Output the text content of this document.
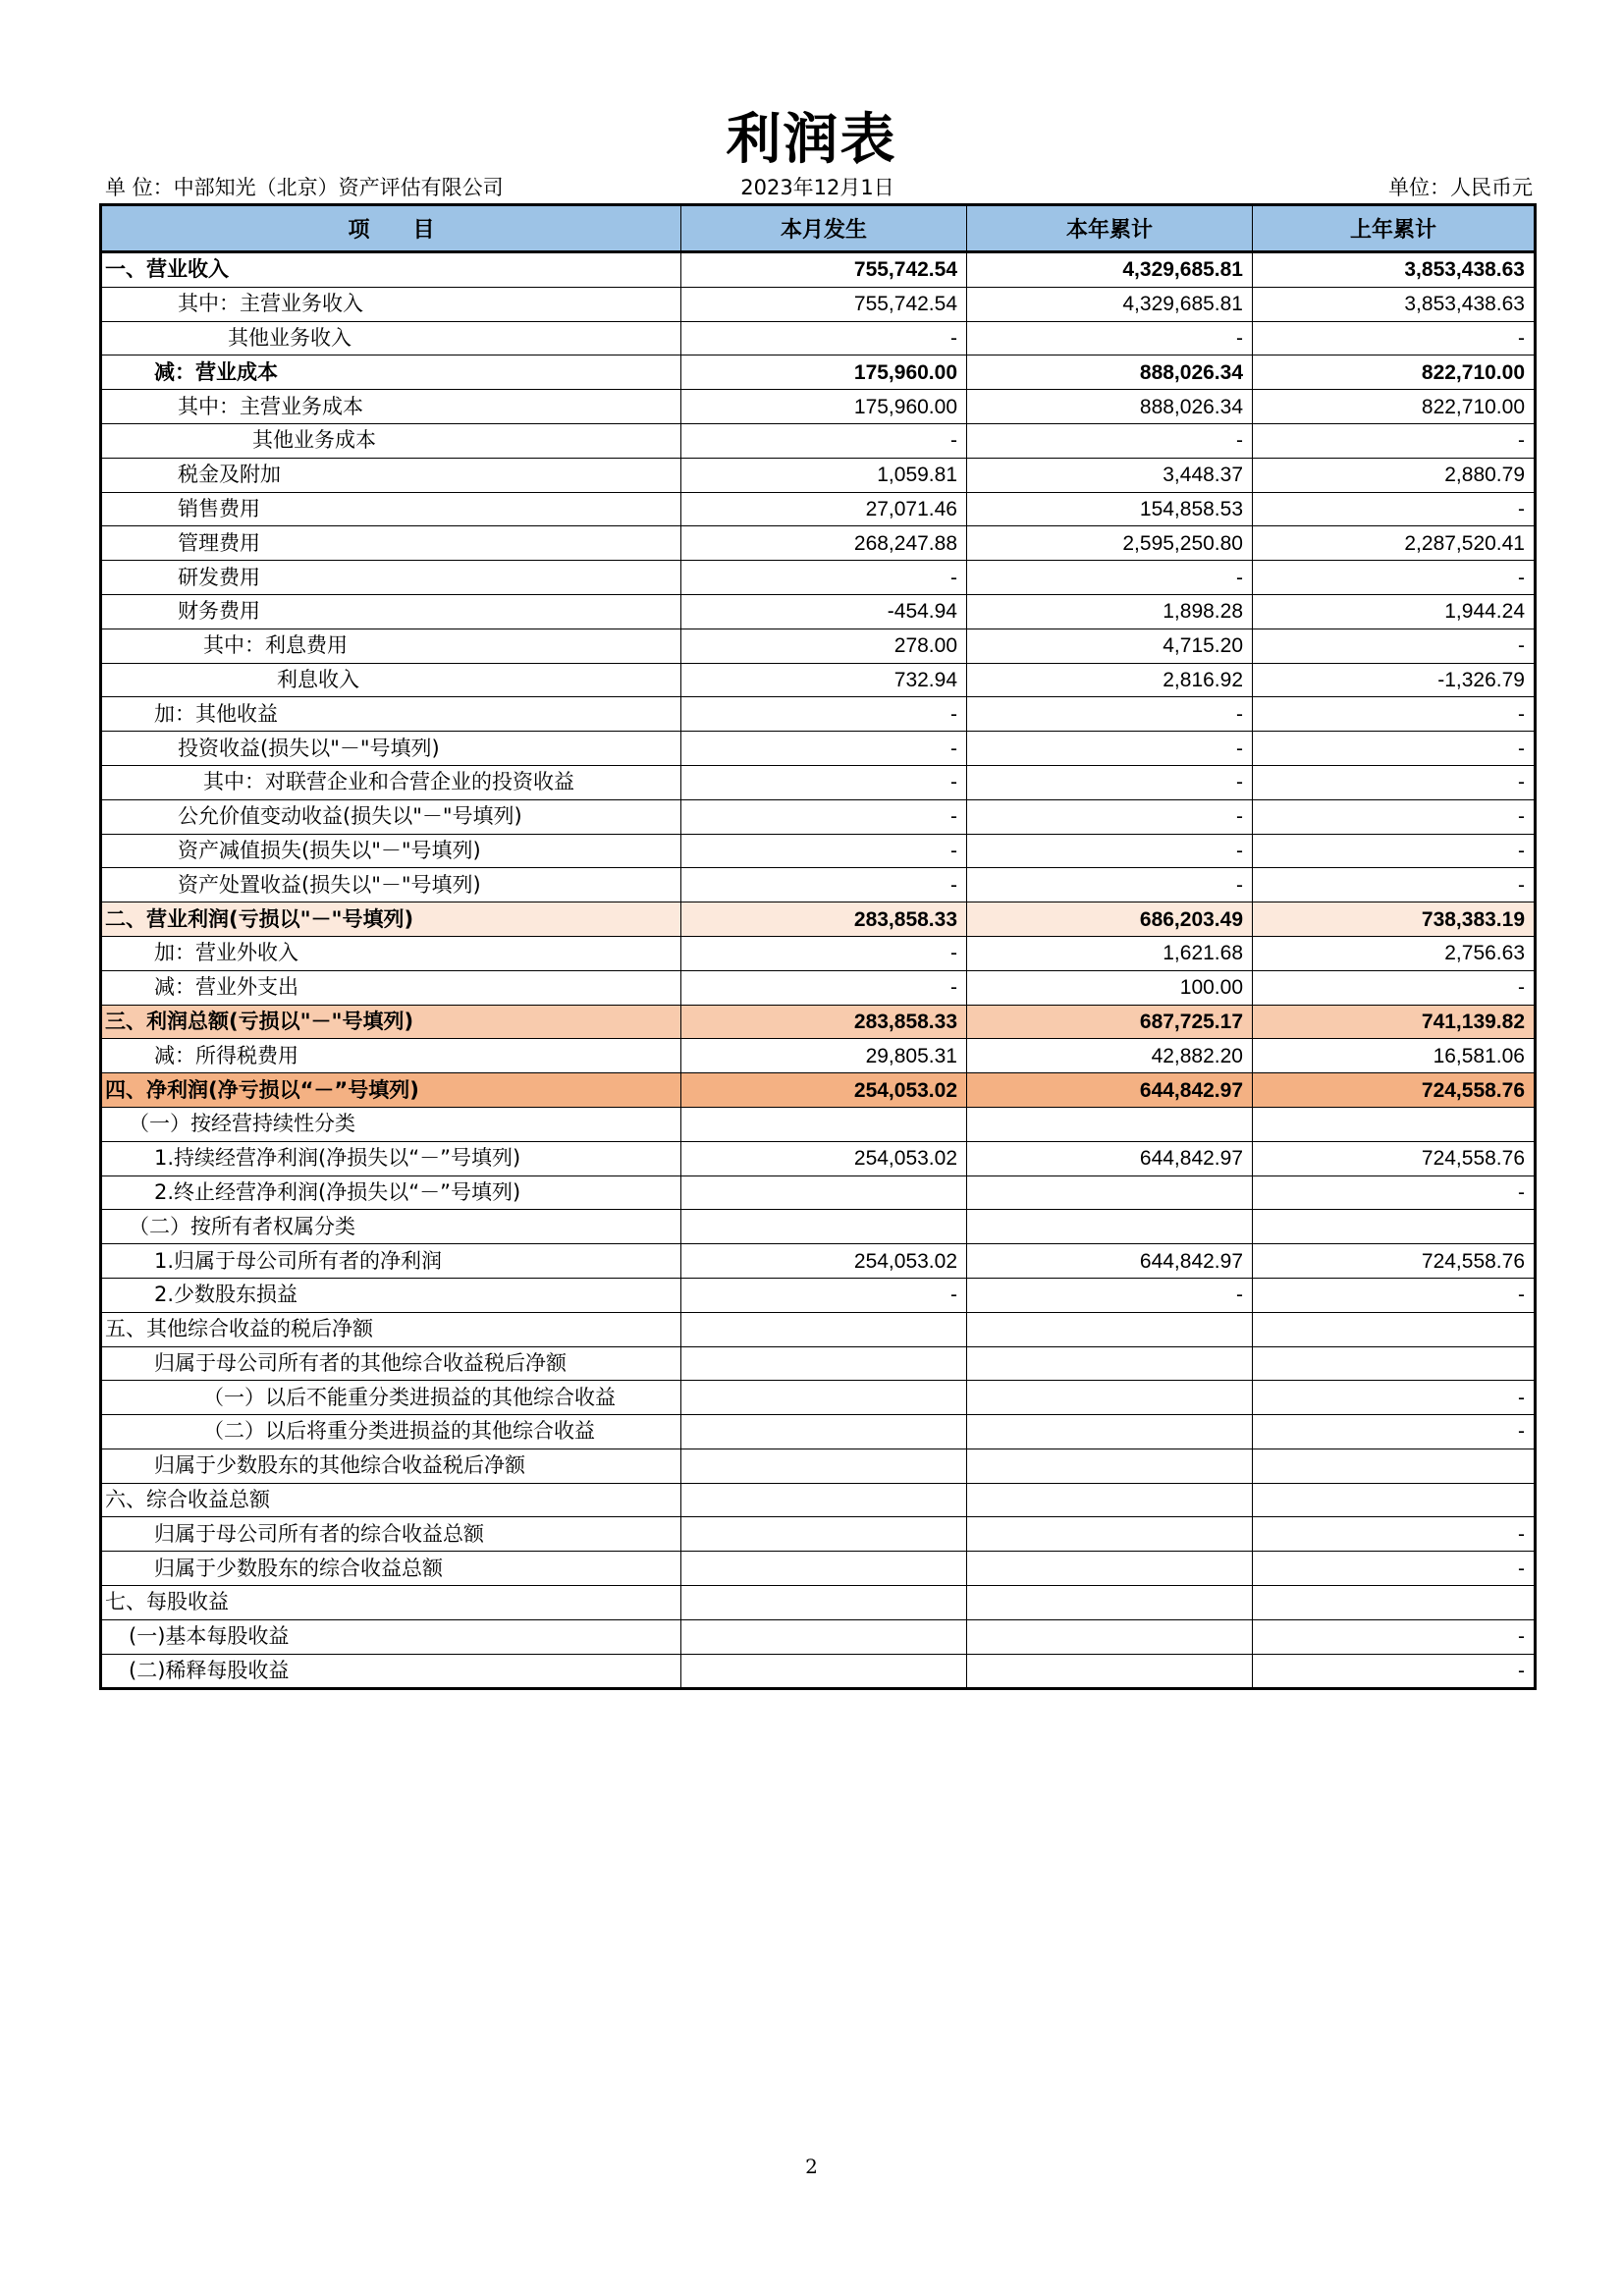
利润表
单 位：中部知光（北京）资产评估有限公司	2023年12月1日	单位：人民币元
项　　目	本月发生	本年累计	上年累计
一、营业收入	755,742.54	4,329,685.81	3,853,438.63
其中：主营业务收入	755,742.54	4,329,685.81	3,853,438.63
其他业务收入	-	-	-
减：营业成本	175,960.00	888,026.34	822,710.00
其中：主营业务成本	175,960.00	888,026.34	822,710.00
其他业务成本	-	-	-
税金及附加	1,059.81	3,448.37	2,880.79
销售费用	27,071.46	154,858.53	-
管理费用	268,247.88	2,595,250.80	2,287,520.41
研发费用	-	-	-
财务费用	-454.94	1,898.28	1,944.24
其中：利息费用	278.00	4,715.20	-
利息收入	732.94	2,816.92	-1,326.79
加：其他收益	-	-	-
投资收益(损失以"－"号填列)	-	-	-
其中：对联营企业和合营企业的投资收益	-	-	-
公允价值变动收益(损失以"－"号填列)	-	-	-
资产减值损失(损失以"－"号填列)	-	-	-
资产处置收益(损失以"－"号填列)	-	-	-
二、营业利润(亏损以"－"号填列)	283,858.33	686,203.49	738,383.19
加：营业外收入	-	1,621.68	2,756.63
减：营业外支出	-	100.00	-
三、利润总额(亏损以"－"号填列)	283,858.33	687,725.17	741,139.82
减：所得税费用	29,805.31	42,882.20	16,581.06
四、净利润(净亏损以“－”号填列)	254,053.02	644,842.97	724,558.76
（一）按经营持续性分类			
1.持续经营净利润(净损失以“－”号填列)	254,053.02	644,842.97	724,558.76
2.终止经营净利润(净损失以“－”号填列)			-
（二）按所有者权属分类			
1.归属于母公司所有者的净利润	254,053.02	644,842.97	724,558.76
2.少数股东损益	-	-	-
五、其他综合收益的税后净额			
归属于母公司所有者的其他综合收益税后净额			
（一）以后不能重分类进损益的其他综合收益			-
（二）以后将重分类进损益的其他综合收益			-
归属于少数股东的其他综合收益税后净额			
六、综合收益总额			
归属于母公司所有者的综合收益总额			-
归属于少数股东的综合收益总额			-
七、每股收益			
(一)基本每股收益			-
(二)稀释每股收益			-
2
